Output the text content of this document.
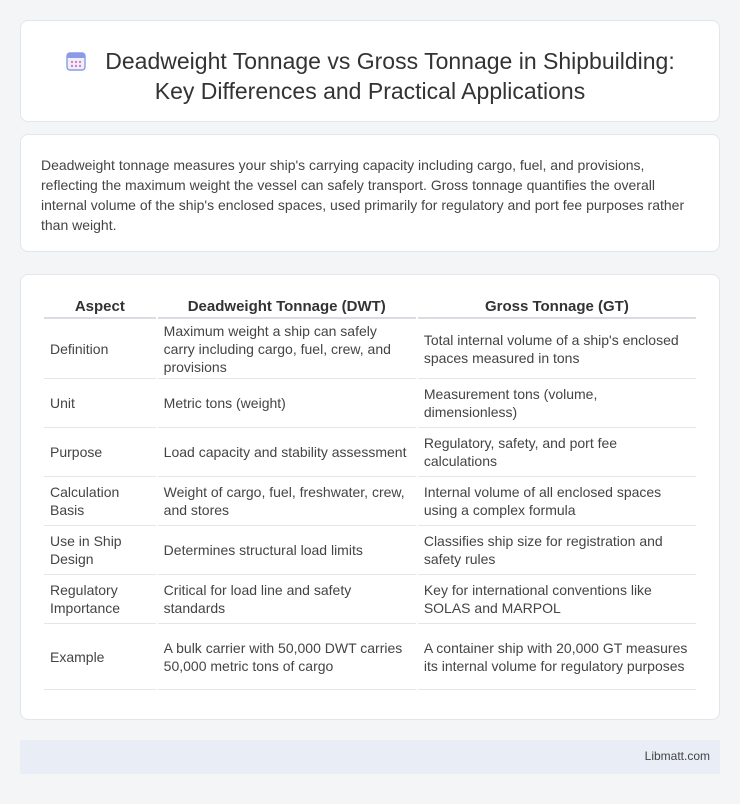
Deadweight Tonnage vs Gross Tonnage in Shipbuilding:
Key Differences and Practical Applications

Deadweight tonnage measures your ship's carrying capacity including cargo, fuel, and provisions, reflecting the maximum weight the vessel can safely transport. Gross tonnage quantifies the overall internal volume of the ship's enclosed spaces, used primarily for regulatory and port fee purposes rather than weight.

Aspect	Deadweight Tonnage (DWT)	Gross Tonnage (GT)
Definition	Maximum weight a ship can safely carry including cargo, fuel, crew, and provisions	Total internal volume of a ship's enclosed spaces measured in tons
Unit	Metric tons (weight)	Measurement tons (volume, dimensionless)
Purpose	Load capacity and stability assessment	Regulatory, safety, and port fee calculations
Calculation Basis	Weight of cargo, fuel, freshwater, crew, and stores	Internal volume of all enclosed spaces using a complex formula
Use in Ship Design	Determines structural load limits	Classifies ship size for registration and safety rules
Regulatory Importance	Critical for load line and safety standards	Key for international conventions like SOLAS and MARPOL
Example	A bulk carrier with 50,000 DWT carries 50,000 metric tons of cargo	A container ship with 20,000 GT measures its internal volume for regulatory purposes
Libmatt.com
